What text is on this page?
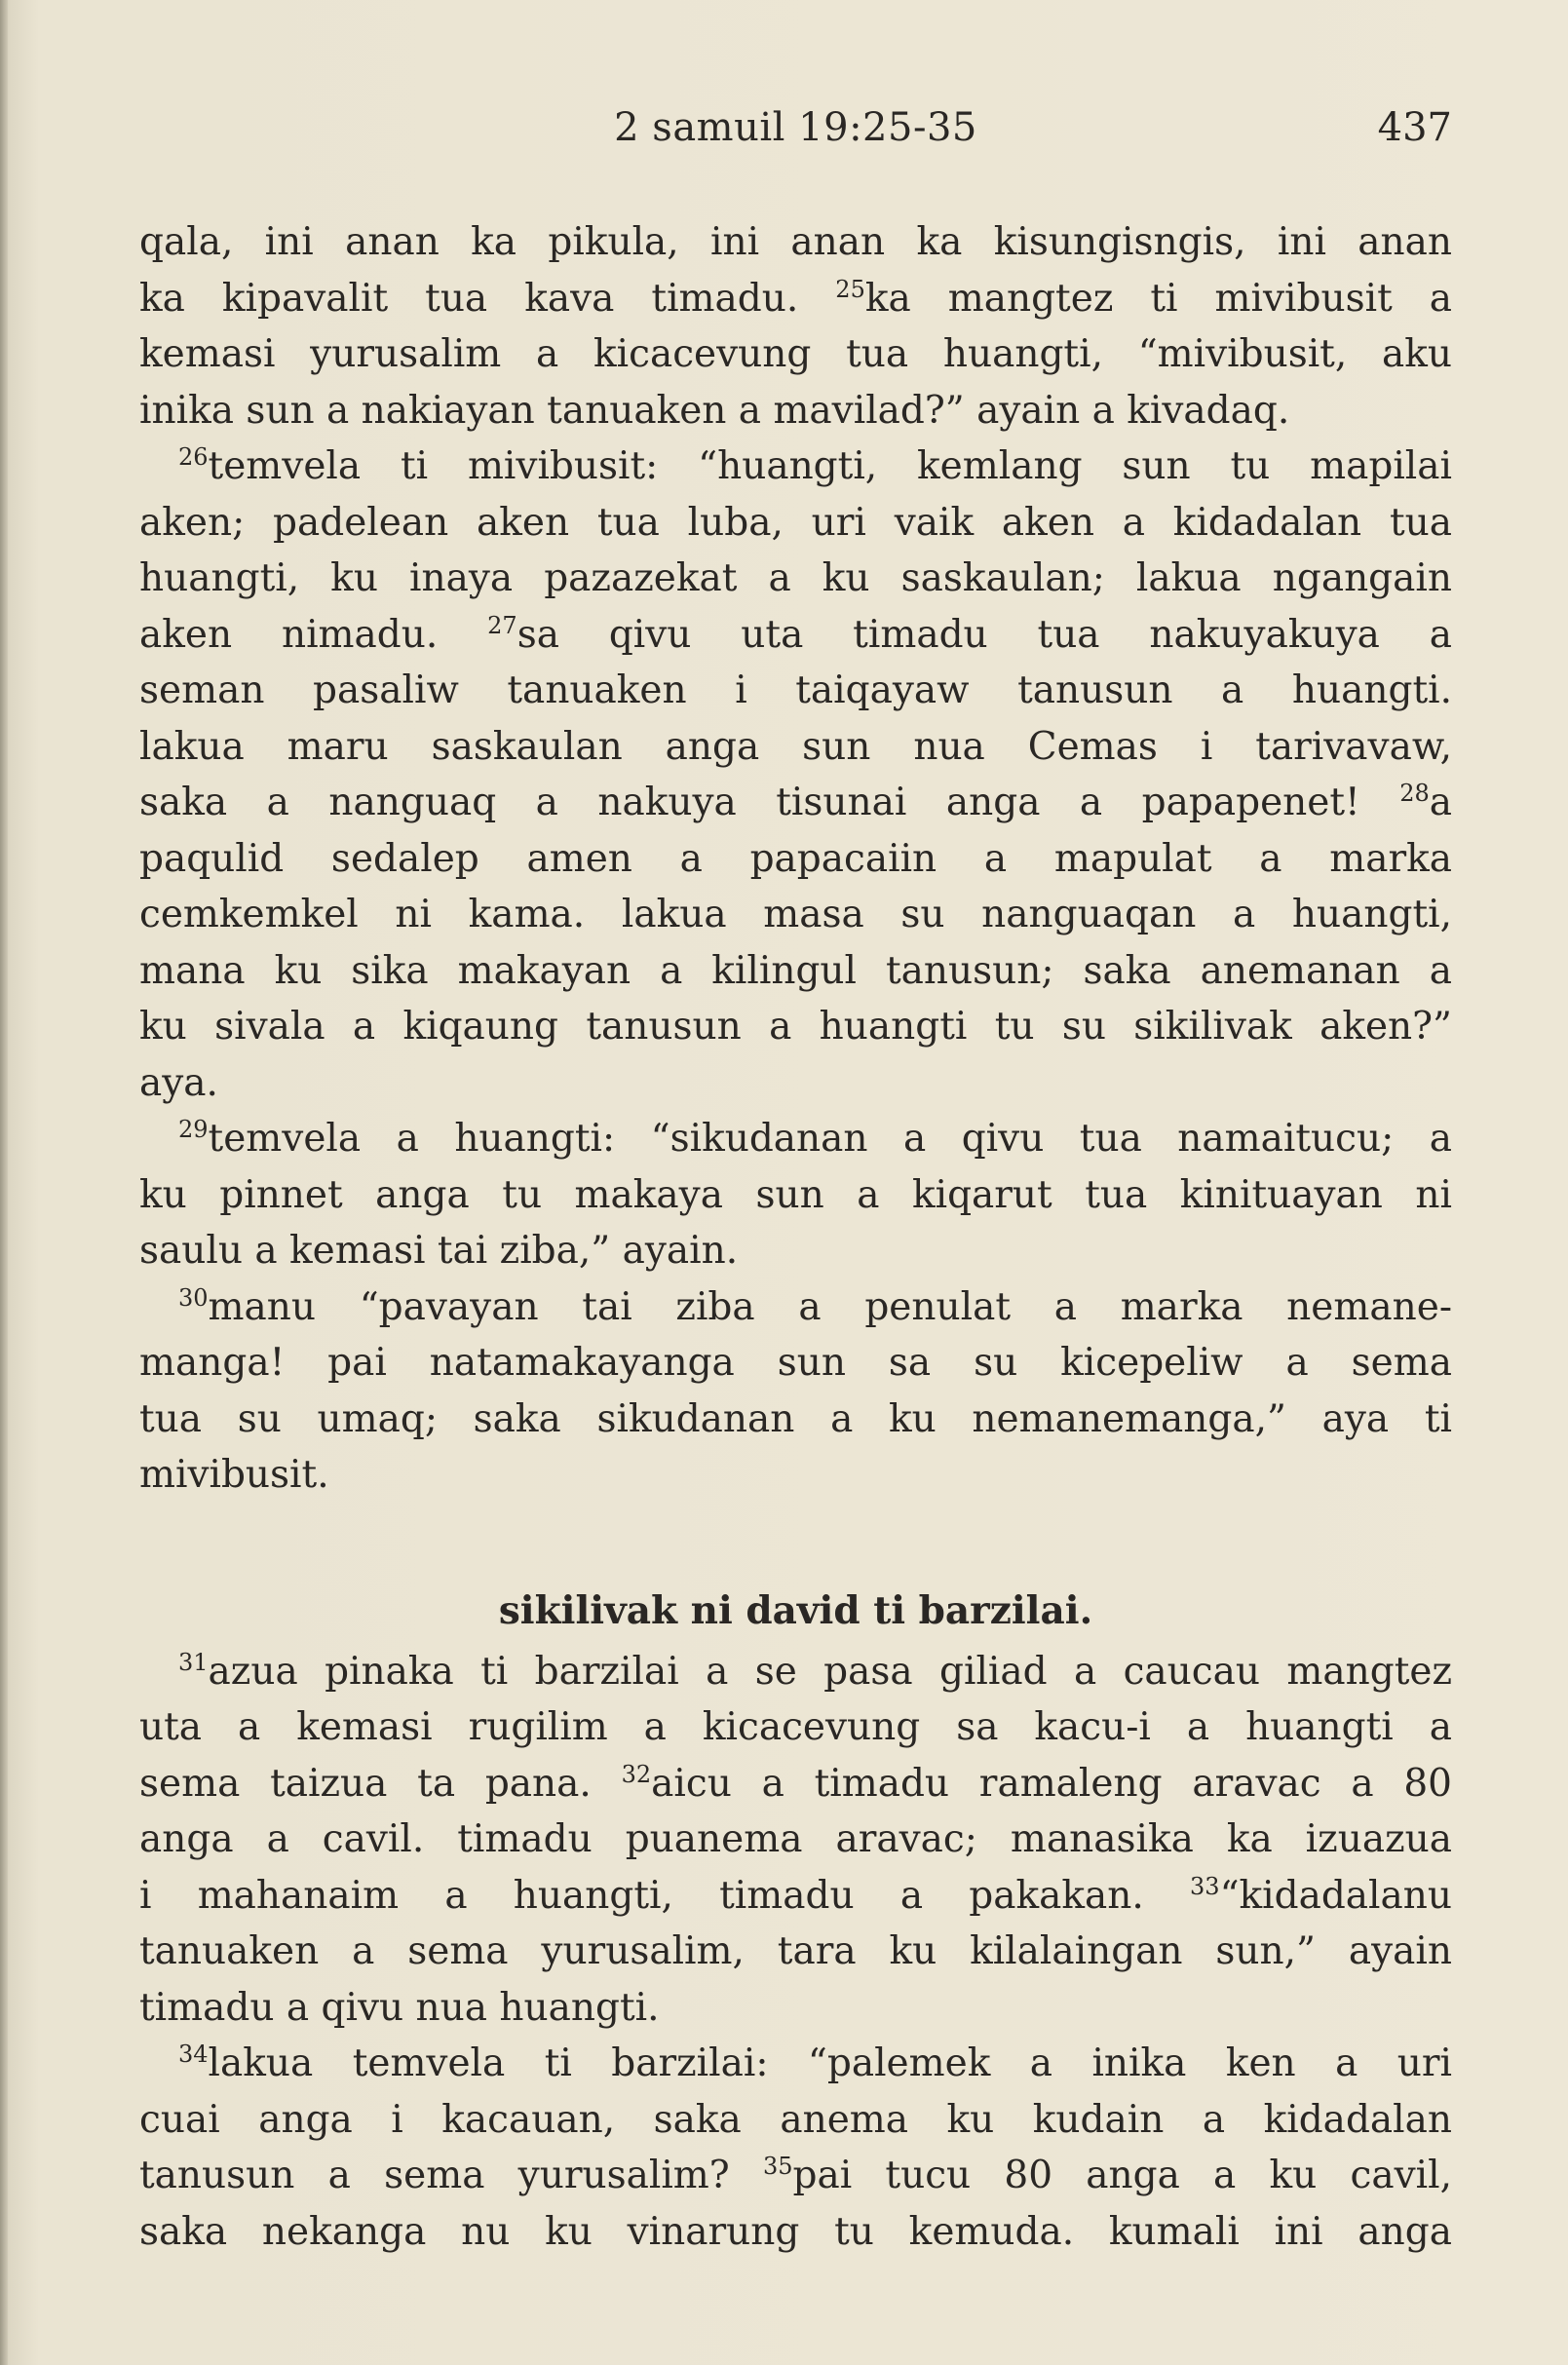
2 samuil 19:25-35	437
qala, ini anan ka pikula, ini anan ka kisungisngis, ini anan
ka kipavalit tua kava timadu. $^{25}$ka mangtez ti mivibusit a
kemasi yurusalim a kicacevung tua huangti, “mivibusit, aku
inika sun a nakiayan tanuaken a mavilad?” ayain a kivadaq.
$^{26}$temvela ti mivibusit: “huangti, kemlang sun tu mapilai
aken; padelean aken tua luba, uri vaik aken a kidadalan tua
huangti, ku inaya pazazekat a ku saskaulan; lakua ngangain
aken nimadu. $^{27}$sa qivu uta timadu tua nakuyakuya a
seman pasaliw tanuaken i taiqayaw tanusun a huangti.
lakua maru saskaulan anga sun nua Cemas i tarivavaw,
saka a nanguaq a nakuya tisunai anga a papapenet! $^{28}$a
paqulid sedalep amen a papacaiin a mapulat a marka
cemkemkel ni kama. lakua masa su nanguaqan a huangti,
mana ku sika makayan a kilingul tanusun; saka anemanan a
ku sivala a kiqaung tanusun a huangti tu su sikilivak aken?”
aya.
$^{29}$temvela a huangti: “sikudanan a qivu tua namaitucu; a
ku pinnet anga tu makaya sun a kiqarut tua kinituayan ni
saulu a kemasi tai ziba,” ayain.
$^{30}$manu “pavayan tai ziba a penulat a marka nemane-
manga! pai natamakayanga sun sa su kicepeliw a sema
tua su umaq; saka sikudanan a ku nemanemanga,” aya ti
mivibusit.
sikilivak ni david ti barzilai.
$^{31}$azua pinaka ti barzilai a se pasa giliad a caucau mangtez
uta a kemasi rugilim a kicacevung sa kacu-i a huangti a
sema taizua ta pana. $^{32}$aicu a timadu ramaleng aravac a 80
anga a cavil. timadu puanema aravac; manasika ka izuazua
i mahanaim a huangti, timadu a pakakan. $^{33}$“kidadalanu
tanuaken a sema yurusalim, tara ku kilalaingan sun,” ayain
timadu a qivu nua huangti.
$^{34}$lakua temvela ti barzilai: “palemek a inika ken a uri
cuai anga i kacauan, saka anema ku kudain a kidadalan
tanusun a sema yurusalim? $^{35}$pai tucu 80 anga a ku cavil,
saka nekanga nu ku vinarung tu kemuda. kumali ini anga
